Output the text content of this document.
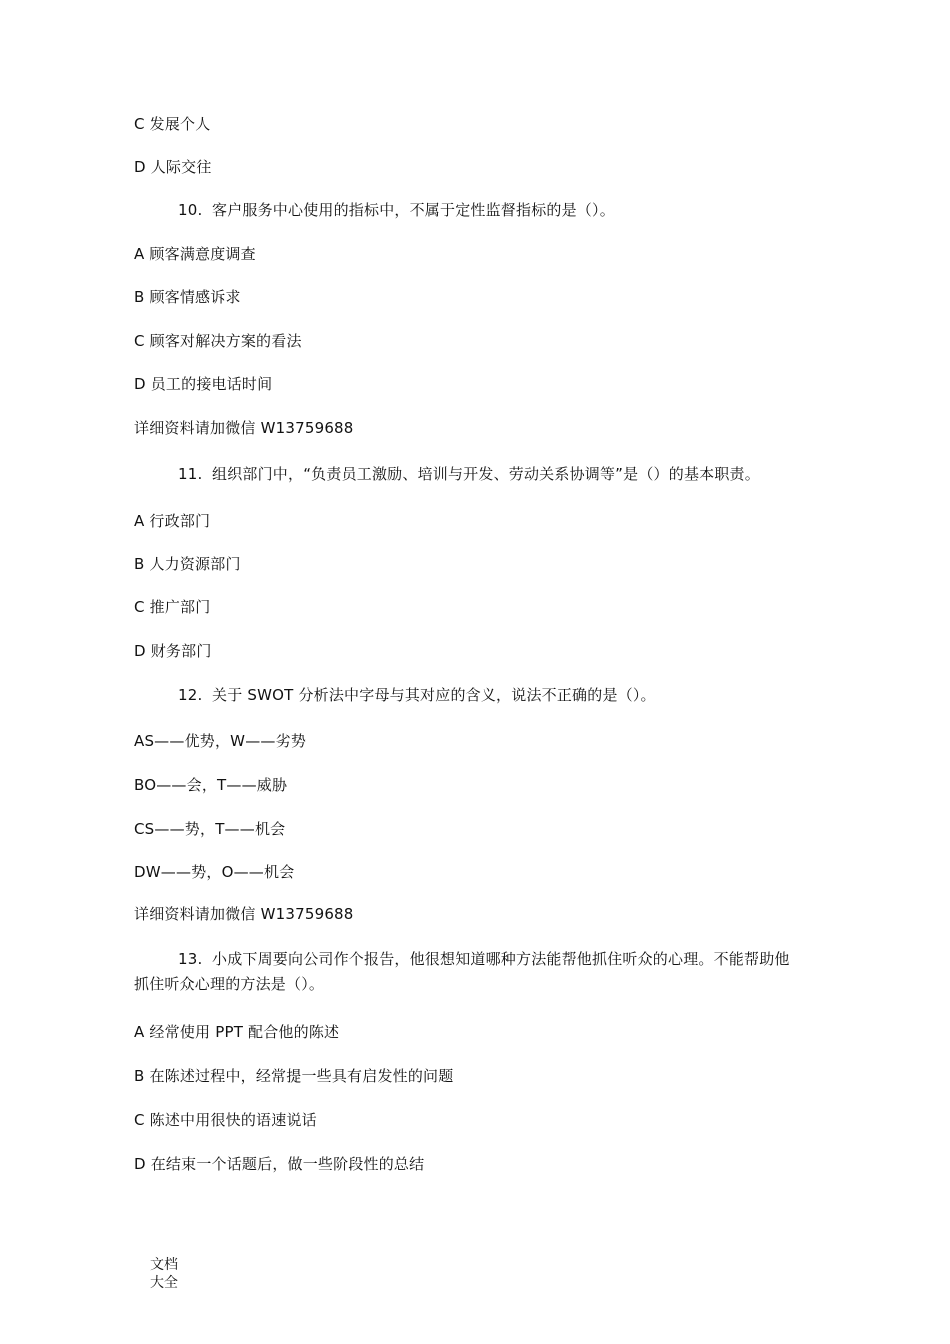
C 发展个人
D 人际交往
10. 客户服务中心使用的指标中，不属于定性监督指标的是（）。
A 顾客满意度调查
B 顾客情感诉求
C 顾客对解决方案的看法
D 员工的接电话时间
详细资料请加微信 W13759688
11. 组织部门中，“负责员工激励、培训与开发、劳动关系协调等”是（）的基本职责。
A 行政部门
B 人力资源部门
C 推广部门
D 财务部门
12. 关于 SWOT 分析法中字母与其对应的含义，说法不正确的是（）。
AS——优势，W——劣势
BO——会，T——威胁
CS——势，T——机会
DW——势，O——机会
详细资料请加微信 W13759688
13. 小成下周要向公司作个报告，他很想知道哪种方法能帮他抓住听众的心理。不能帮助他
抓住听众心理的方法是（）。
A 经常使用 PPT 配合他的陈述
B 在陈述过程中，经常提一些具有启发性的问题
C 陈述中用很快的语速说话
D 在结束一个话题后，做一些阶段性的总结
文档
大全
